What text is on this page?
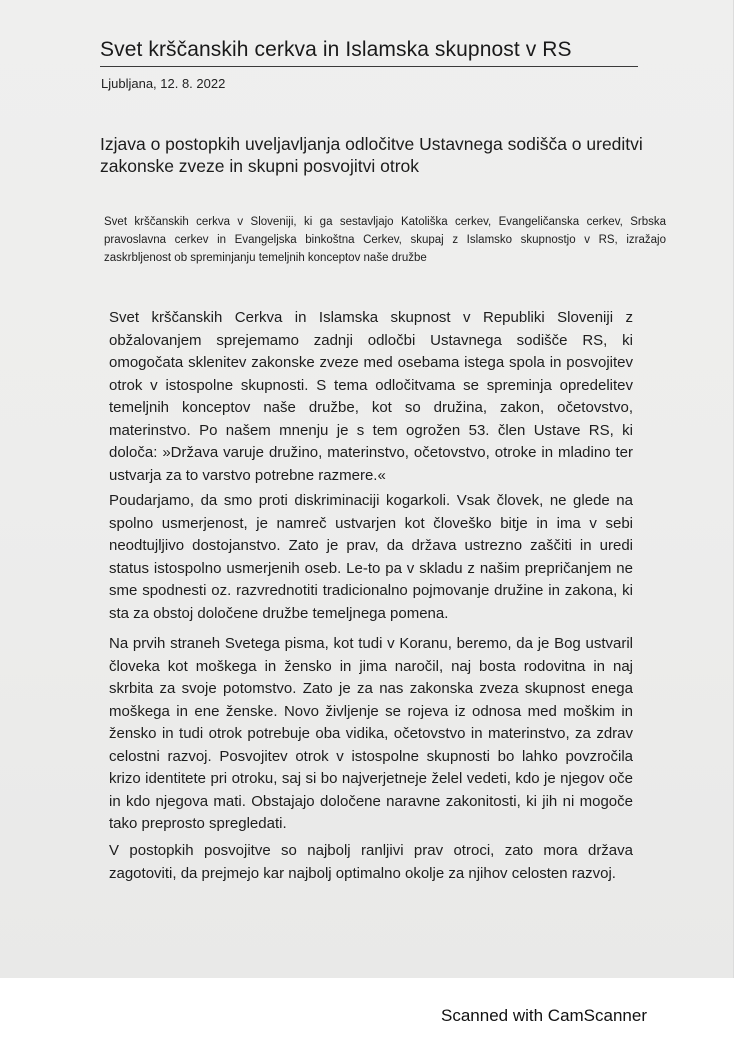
Svet krščanskih cerkva in Islamska skupnost v RS
Ljubljana, 12. 8. 2022
Izjava o postopkih uveljavljanja odločitve Ustavnega sodišča o ureditvi zakonske zveze in skupni posvojitvi otrok
Svet krščanskih cerkva v Sloveniji, ki ga sestavljajo Katoliška cerkev, Evangeličanska cerkev, Srbska pravoslavna cerkev in Evangeljska binkoštna Cerkev, skupaj z Islamsko skupnostjo v RS, izražajo zaskrbljenost ob spreminjanju temeljnih konceptov naše družbe
Svet krščanskih Cerkva in Islamska skupnost v Republiki Sloveniji z obžalovanjem sprejemamo zadnji odločbi Ustavnega sodišče RS, ki omogočata sklenitev zakonske zveze med osebama istega spola in posvojitev otrok v istospolne skupnosti. S tema odločitvama se spreminja opredelitev temeljnih konceptov naše družbe, kot so družina, zakon, očetovstvo, materinstvo. Po našem mnenju je s tem ogrožen 53. člen Ustave RS, ki določa: »Država varuje družino, materinstvo, očetovstvo, otroke in mladino ter ustvarja za to varstvo potrebne razmere.«
Poudarjamo, da smo proti diskriminaciji kogarkoli. Vsak človek, ne glede na spolno usmerjenost, je namreč ustvarjen kot človeško bitje in ima v sebi neodtujljivo dostojanstvo. Zato je prav, da država ustrezno zaščiti in uredi status istospolno usmerjenih oseb. Le-to pa v skladu z našim prepričanjem ne sme spodnesti oz. razvrednotiti tradicionalno pojmovanje družine in zakona, ki sta za obstoj določene družbe temeljnega pomena.
Na prvih straneh Svetega pisma, kot tudi v Koranu, beremo, da je Bog ustvaril človeka kot moškega in žensko in jima naročil, naj bosta rodovitna in naj skrbita za svoje potomstvo. Zato je za nas zakonska zveza skupnost enega moškega in ene ženske. Novo življenje se rojeva iz odnosa med moškim in žensko in tudi otrok potrebuje oba vidika, očetovstvo in materinstvo, za zdrav celostni razvoj. Posvojitev otrok v istospolne skupnosti bo lahko povzročila krizo identitete pri otroku, saj si bo najverjetneje želel vedeti, kdo je njegov oče in kdo njegova mati. Obstajajo določene naravne zakonitosti, ki jih ni mogoče tako preprosto spregledati.
V postopkih posvojitve so najbolj ranljivi prav otroci, zato mora država zagotoviti, da prejmejo kar najbolj optimalno okolje za njihov celosten razvoj.
Scanned with CamScanner
